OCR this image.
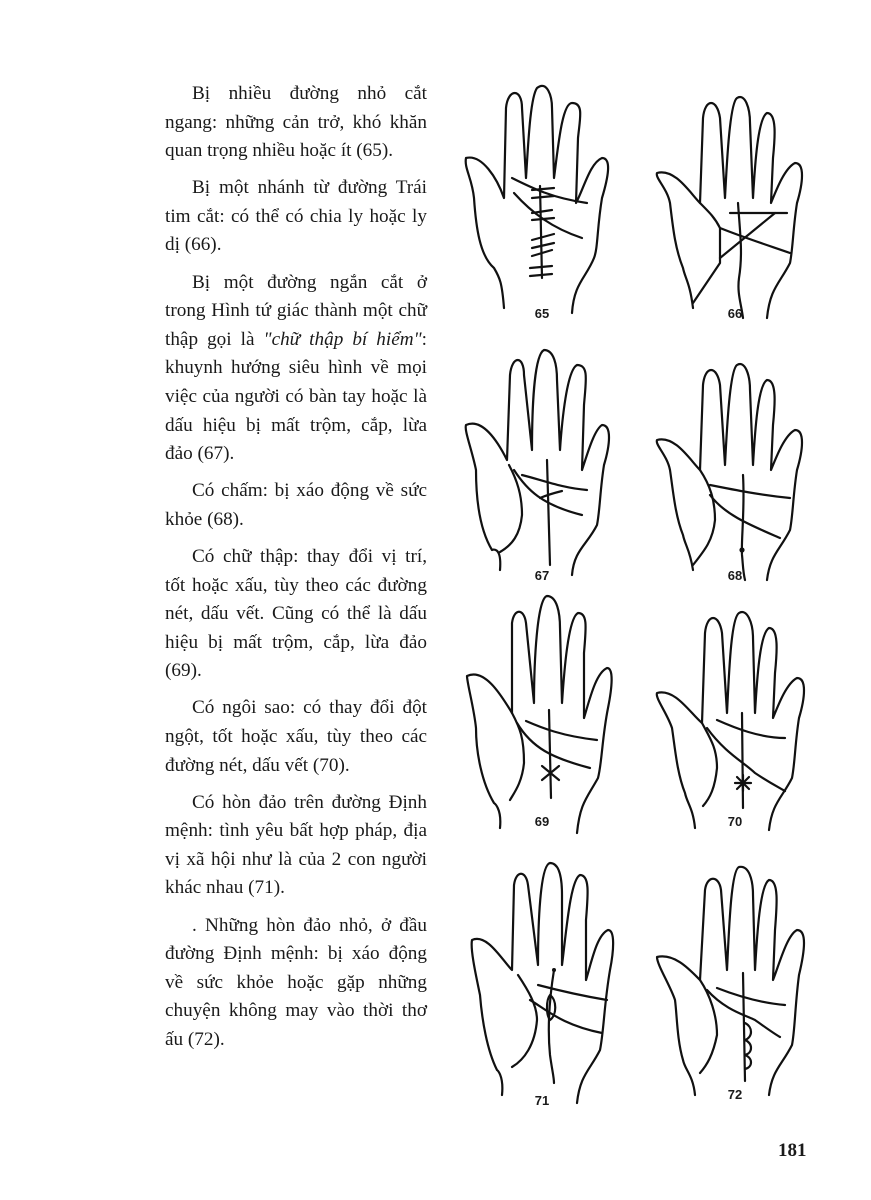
Bị nhiều đường nhỏ cắt ngang: những cản trở, khó khăn quan trọng nhiều hoặc ít (65).

Bị một nhánh từ đường Trái tim cắt: có thể có chia ly hoặc ly dị (66).

Bị một đường ngắn cắt ở trong Hình tứ giác thành một chữ thập gọi là "chữ thập bí hiểm": khuynh hướng siêu hình về mọi việc của người có bàn tay hoặc là dấu hiệu bị mất trộm, cắp, lừa đảo (67).

Có chấm: bị xáo động về sức khỏe (68).

Có chữ thập: thay đổi vị trí, tốt hoặc xấu, tùy theo các đường nét, dấu vết. Cũng có thể là dấu hiệu bị mất trộm, cắp, lừa đảo (69).

Có ngôi sao: có thay đổi đột ngột, tốt hoặc xấu, tùy theo các đường nét, dấu vết (70).

Có hòn đảo trên đường Định mệnh: tình yêu bất hợp pháp, địa vị xã hội như là của 2 con người khác nhau (71).

. Những hòn đảo nhỏ, ở đầu đường Định mệnh: bị xáo động về sức khỏe hoặc gặp những chuyện không may vào thời thơ ấu (72).

65	66
67	68
69	70
71	72
181
